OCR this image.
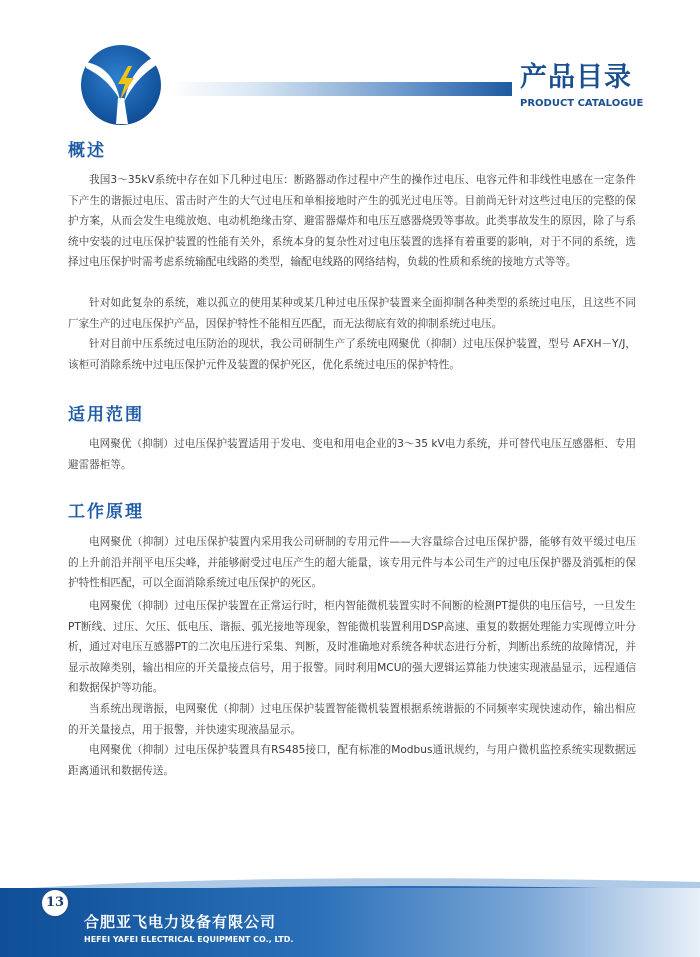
产品目录
PRODUCT CATALOGUE
概述

我国3～35kV系统中存在如下几种过电压：断路器动作过程中产生的操作过电压、电容元件和非线性电感在一定条件下产生的谐振过电压、雷击时产生的大气过电压和单相接地时产生的弧光过电压等。目前尚无针对这些过电压的完整的保护方案，从而会发生电缆放炮、电动机绝缘击穿、避雷器爆炸和电压互感器烧毁等事故。此类事故发生的原因，除了与系统中安装的过电压保护装置的性能有关外，系统本身的复杂性对过电压装置的选择有着重要的影响，对于不同的系统，选择过电压保护时需考虑系统输配电线路的类型，输配电线路的网络结构，负载的性质和系统的接地方式等等。

针对如此复杂的系统，难以孤立的使用某种或某几种过电压保护装置来全面抑制各种类型的系统过电压，且这些不同厂家生产的过电压保护产品，因保护特性不能相互匹配，而无法彻底有效的抑制系统过电压。

针对目前中压系统过电压防治的现状，我公司研制生产了系统电网聚优（抑制）过电压保护装置，型号 AFXH－Y/J，该柜可消除系统中过电压保护元件及装置的保护死区，优化系统过电压的保护特性。

适用范围

电网聚优（抑制）过电压保护装置适用于发电、变电和用电企业的3～35 kV电力系统，并可替代电压互感器柜、专用避雷器柜等。

工作原理

电网聚优（抑制）过电压保护装置内采用我公司研制的专用元件——大容量综合过电压保护器，能够有效平缓过电压的上升前沿并削平电压尖峰，并能够耐受过电压产生的超大能量，该专用元件与本公司生产的过电压保护器及消弧柜的保护特性相匹配，可以全面消除系统过电压保护的死区。

电网聚优（抑制）过电压保护装置在正常运行时，柜内智能微机装置实时不间断的检测PT提供的电压信号，一旦发生PT断线、过压、欠压、低电压、谐振、弧光接地等现象，智能微机装置利用DSP高速、重复的数据处理能力实现傅立叶分析，通过对电压互感器PT的二次电压进行采集、判断，及时准确地对系统各种状态进行分析，判断出系统的故障情况，并显示故障类别，输出相应的开关量接点信号，用于报警。同时利用MCU的强大逻辑运算能力快速实现液晶显示，远程通信和数据保护等功能。

当系统出现谐振，电网聚优（抑制）过电压保护装置智能微机装置根据系统谐振的不同频率实现快速动作，输出相应的开关量接点，用于报警，并快速实现液晶显示。

电网聚优（抑制）过电压保护装置具有RS485接口，配有标准的Modbus通讯规约，与用户微机监控系统实现数据远距离通讯和数据传送。

13
合肥亚飞电力设备有限公司
HEFEI YAFEI ELECTRICAL EQUIPMENT CO., LTD.
